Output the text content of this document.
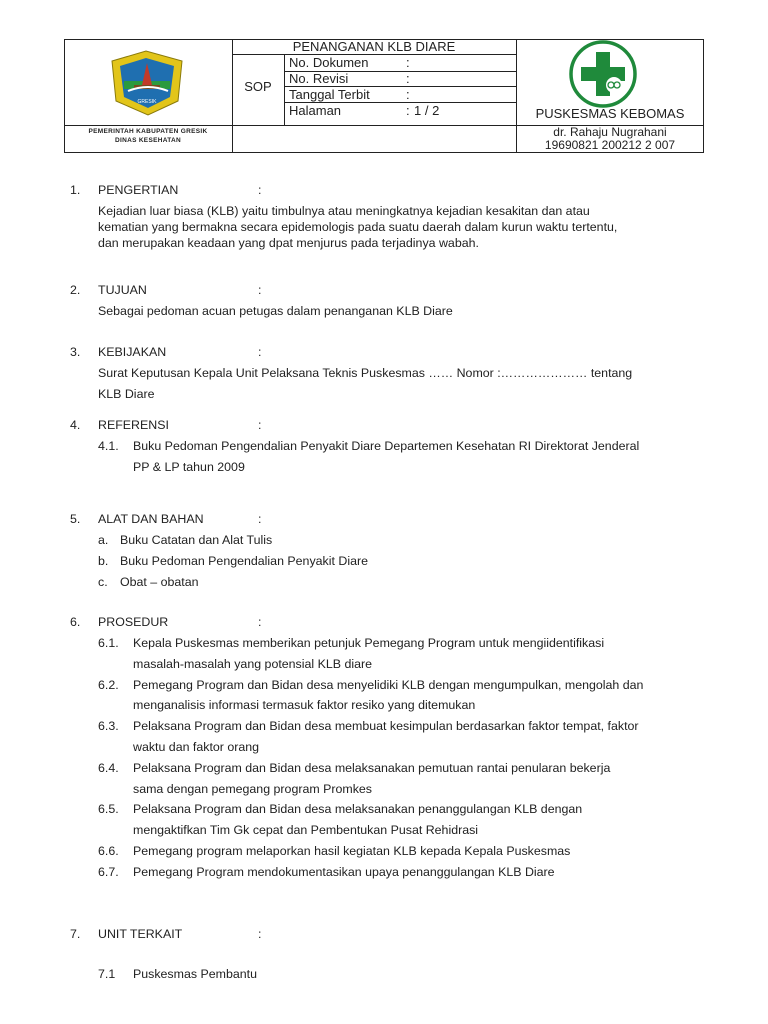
GRESIK
PEMERINTAH KABUPATEN GRESIK
DINAS KESEHATAN
SOP
PENANGANAN KLB DIARE
No. Dokumen	:
No. Revisi	:
Tanggal Terbit	:
Halaman	: 1 / 2	PUSKESMAS KEBOMAS
dr. Rahaju Nugrahani
19690821 200212 2 007
1. PENGERTIAN	:
Kejadian luar biasa (KLB) yaitu timbulnya atau meningkatnya kejadian kesakitan dan atau
kematian yang bermakna secara epidemologis pada suatu daerah dalam kurun waktu tertentu,
dan merupakan keadaan yang dpat menjurus pada terjadinya wabah.
2. TUJUAN	:
Sebagai pedoman acuan petugas dalam penanganan KLB Diare
3. KEBIJAKAN	:
Surat Keputusan Kepala Unit Pelaksana Teknis Puskesmas …… Nomor :………………… tentang
KLB Diare
4. REFERENSI	:
4.1. Buku Pedoman Pengendalian Penyakit Diare Departemen Kesehatan RI Direktorat Jenderal
PP & LP tahun 2009
5. ALAT DAN BAHAN	:
a. Buku Catatan dan Alat Tulis
b. Buku Pedoman Pengendalian Penyakit Diare
c. Obat – obatan
6. PROSEDUR	:
6.1. Kepala Puskesmas memberikan petunjuk Pemegang Program untuk mengiidentifikasi
masalah-masalah yang potensial KLB diare
6.2. Pemegang Program dan Bidan desa menyelidiki KLB dengan mengumpulkan, mengolah dan
menganalisis informasi termasuk faktor resiko yang ditemukan
6.3. Pelaksana Program dan Bidan desa membuat kesimpulan berdasarkan faktor tempat, faktor
waktu dan faktor orang
6.4. Pelaksana Program dan Bidan desa melaksanakan pemutuan rantai penularan bekerja
sama dengan pemegang program Promkes
6.5. Pelaksana Program dan Bidan desa melaksanakan penanggulangan KLB dengan
mengaktifkan Tim Gk cepat dan Pembentukan Pusat Rehidrasi
6.6. Pemegang program melaporkan hasil kegiatan KLB kepada Kepala Puskesmas
6.7. Pemegang Program mendokumentasikan upaya penanggulangan KLB Diare
7. UNIT TERKAIT	:
7.1 Puskesmas Pembantu
